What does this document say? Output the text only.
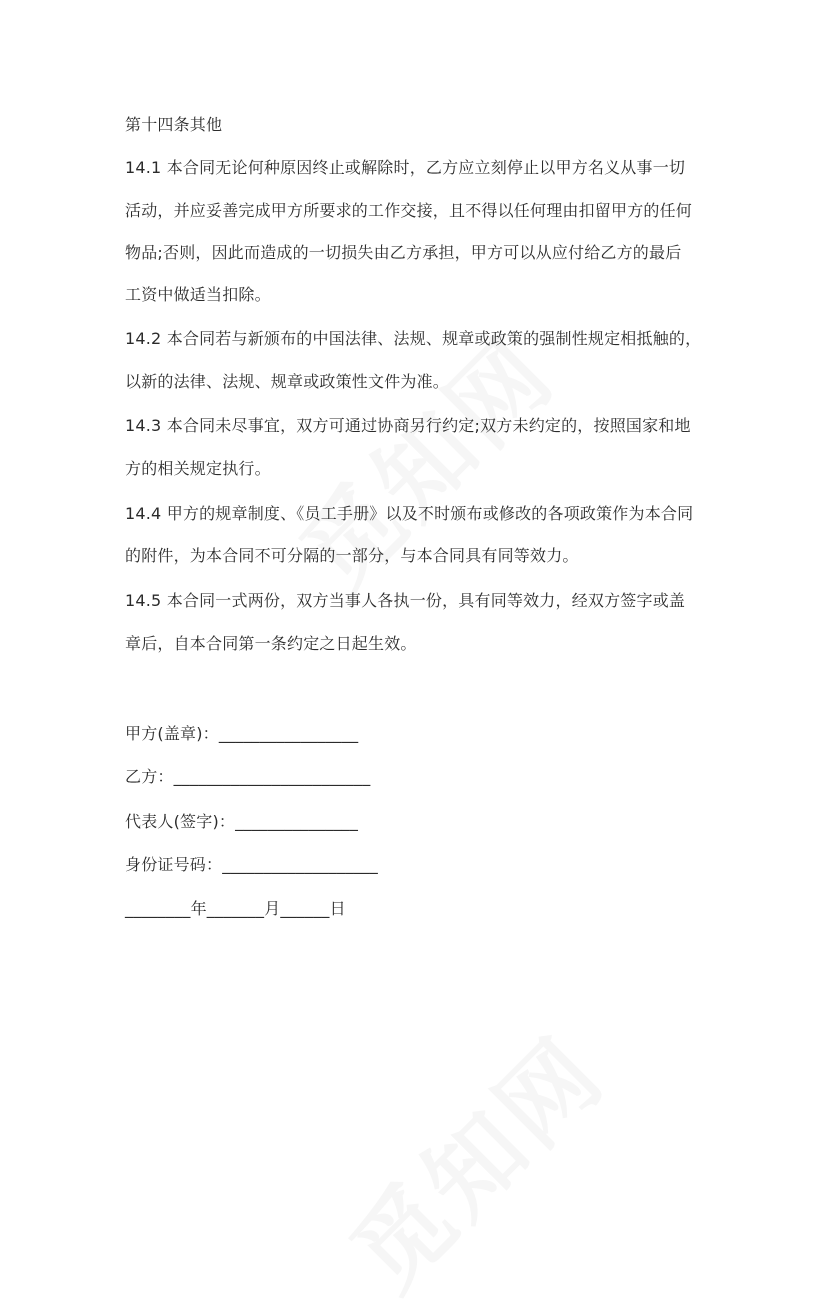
第十四条其他
14.1 本合同无论何种原因终止或解除时，乙方应立刻停止以甲方名义从事一切
活动，并应妥善完成甲方所要求的工作交接，且不得以任何理由扣留甲方的任何
物品;否则，因此而造成的一切损失由乙方承担，甲方可以从应付给乙方的最后
工资中做适当扣除。
14.2 本合同若与新颁布的中国法律、法规、规章或政策的强制性规定相抵触的，
以新的法律、法规、规章或政策性文件为准。
14.3 本合同未尽事宜，双方可通过协商另行约定;双方未约定的，按照国家和地
方的相关规定执行。
14.4 甲方的规章制度、《员工手册》以及不时颁布或修改的各项政策作为本合同
的附件，为本合同不可分隔的一部分，与本合同具有同等效力。
14.5 本合同一式两份，双方当事人各执一份，具有同等效力，经双方签字或盖
章后，自本合同第一条约定之日起生效。
甲方(盖章)：_________________
乙方：________________________
代表人(签字)：_______________
身份证号码：___________________
________年_______月______日
